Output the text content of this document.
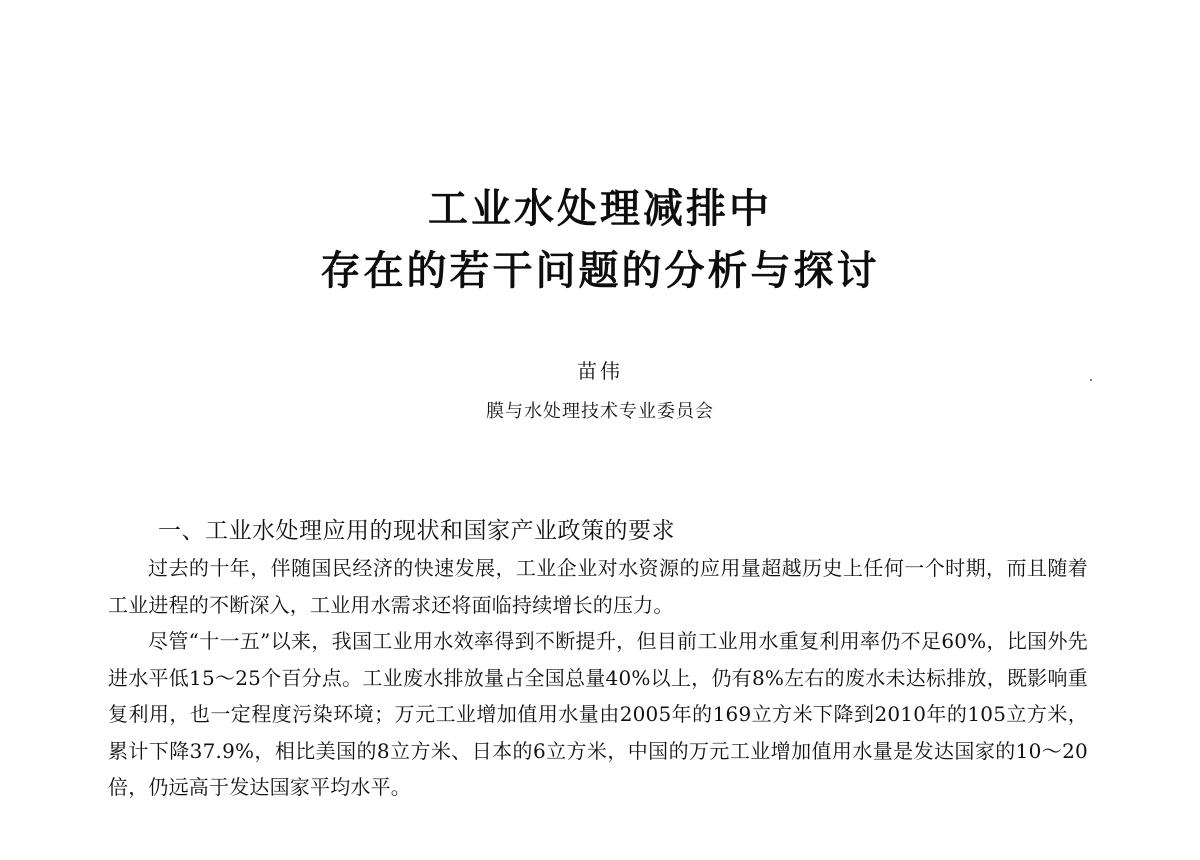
工业水处理减排中
存在的若干问题的分析与探讨
苗伟
膜与水处理技术专业委员会
一、工业水处理应用的现状和国家产业政策的要求

过去的十年，伴随国民经济的快速发展，工业企业对水资源的应用量超越历史上任何一个时期，而且随着工业进程的不断深入，工业用水需求还将面临持续增长的压力。

尽管“十一五”以来，我国工业用水效率得到不断提升，但目前工业用水重复利用率仍不足60%，比国外先进水平低15～25个百分点。工业废水排放量占全国总量40%以上，仍有8%左右的废水未达标排放，既影响重复利用，也一定程度污染环境；万元工业增加值用水量由2005年的169立方米下降到2010年的105立方米，累计下降37.9%，相比美国的8立方米、日本的6立方米，中国的万元工业增加值用水量是发达国家的10～20倍，仍远高于发达国家平均水平。
